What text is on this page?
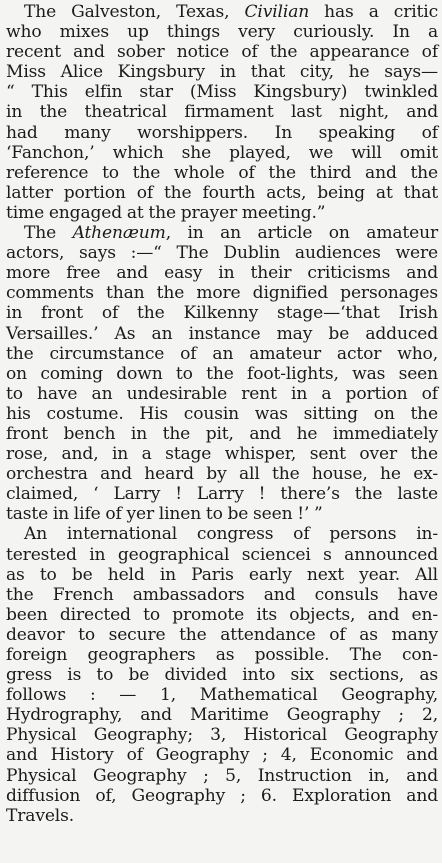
The Galveston, Texas, Civilian has a critic
who mixes up things very curiously. In a
recent and sober notice of the appearance of
Miss Alice Kingsbury in that city, he says—
“ This elfin star (Miss Kingsbury) twinkled
in the theatrical firmament last night, and
had many worshippers. In speaking of
‘Fanchon,’ which she played, we will omit
reference to the whole of the third and the
latter portion of the fourth acts, being at that
time engaged at the prayer meeting.”

The Athenæum, in an article on amateur
actors, says :—“ The Dublin audiences were
more free and easy in their criticisms and
comments than the more dignified personages
in front of the Kilkenny stage—‘that Irish
Versailles.’ As an instance may be adduced
the circumstance of an amateur actor who,
on coming down to the foot-lights, was seen
to have an undesirable rent in a portion of
his costume. His cousin was sitting on the
front bench in the pit, and he immediately
rose, and, in a stage whisper, sent over the
orchestra and heard by all the house, he ex-
claimed, ‘ Larry ! Larry ! there’s the laste
taste in life of yer linen to be seen !’ ”

An international congress of persons in-
terested in geographical sciencei s announced
as to be held in Paris early next year. All
the French ambassadors and consuls have
been directed to promote its objects, and en-
deavor to secure the attendance of as many
foreign geographers as possible. The con-
gress is to be divided into six sections, as
follows : — 1, Mathematical Geography,
Hydrography, and Maritime Geography ; 2,
Physical Geography; 3, Historical Geography
and History of Geography ; 4, Economic and
Physical Geography ; 5, Instruction in, and
diffusion of, Geography ; 6. Exploration and
Travels.
